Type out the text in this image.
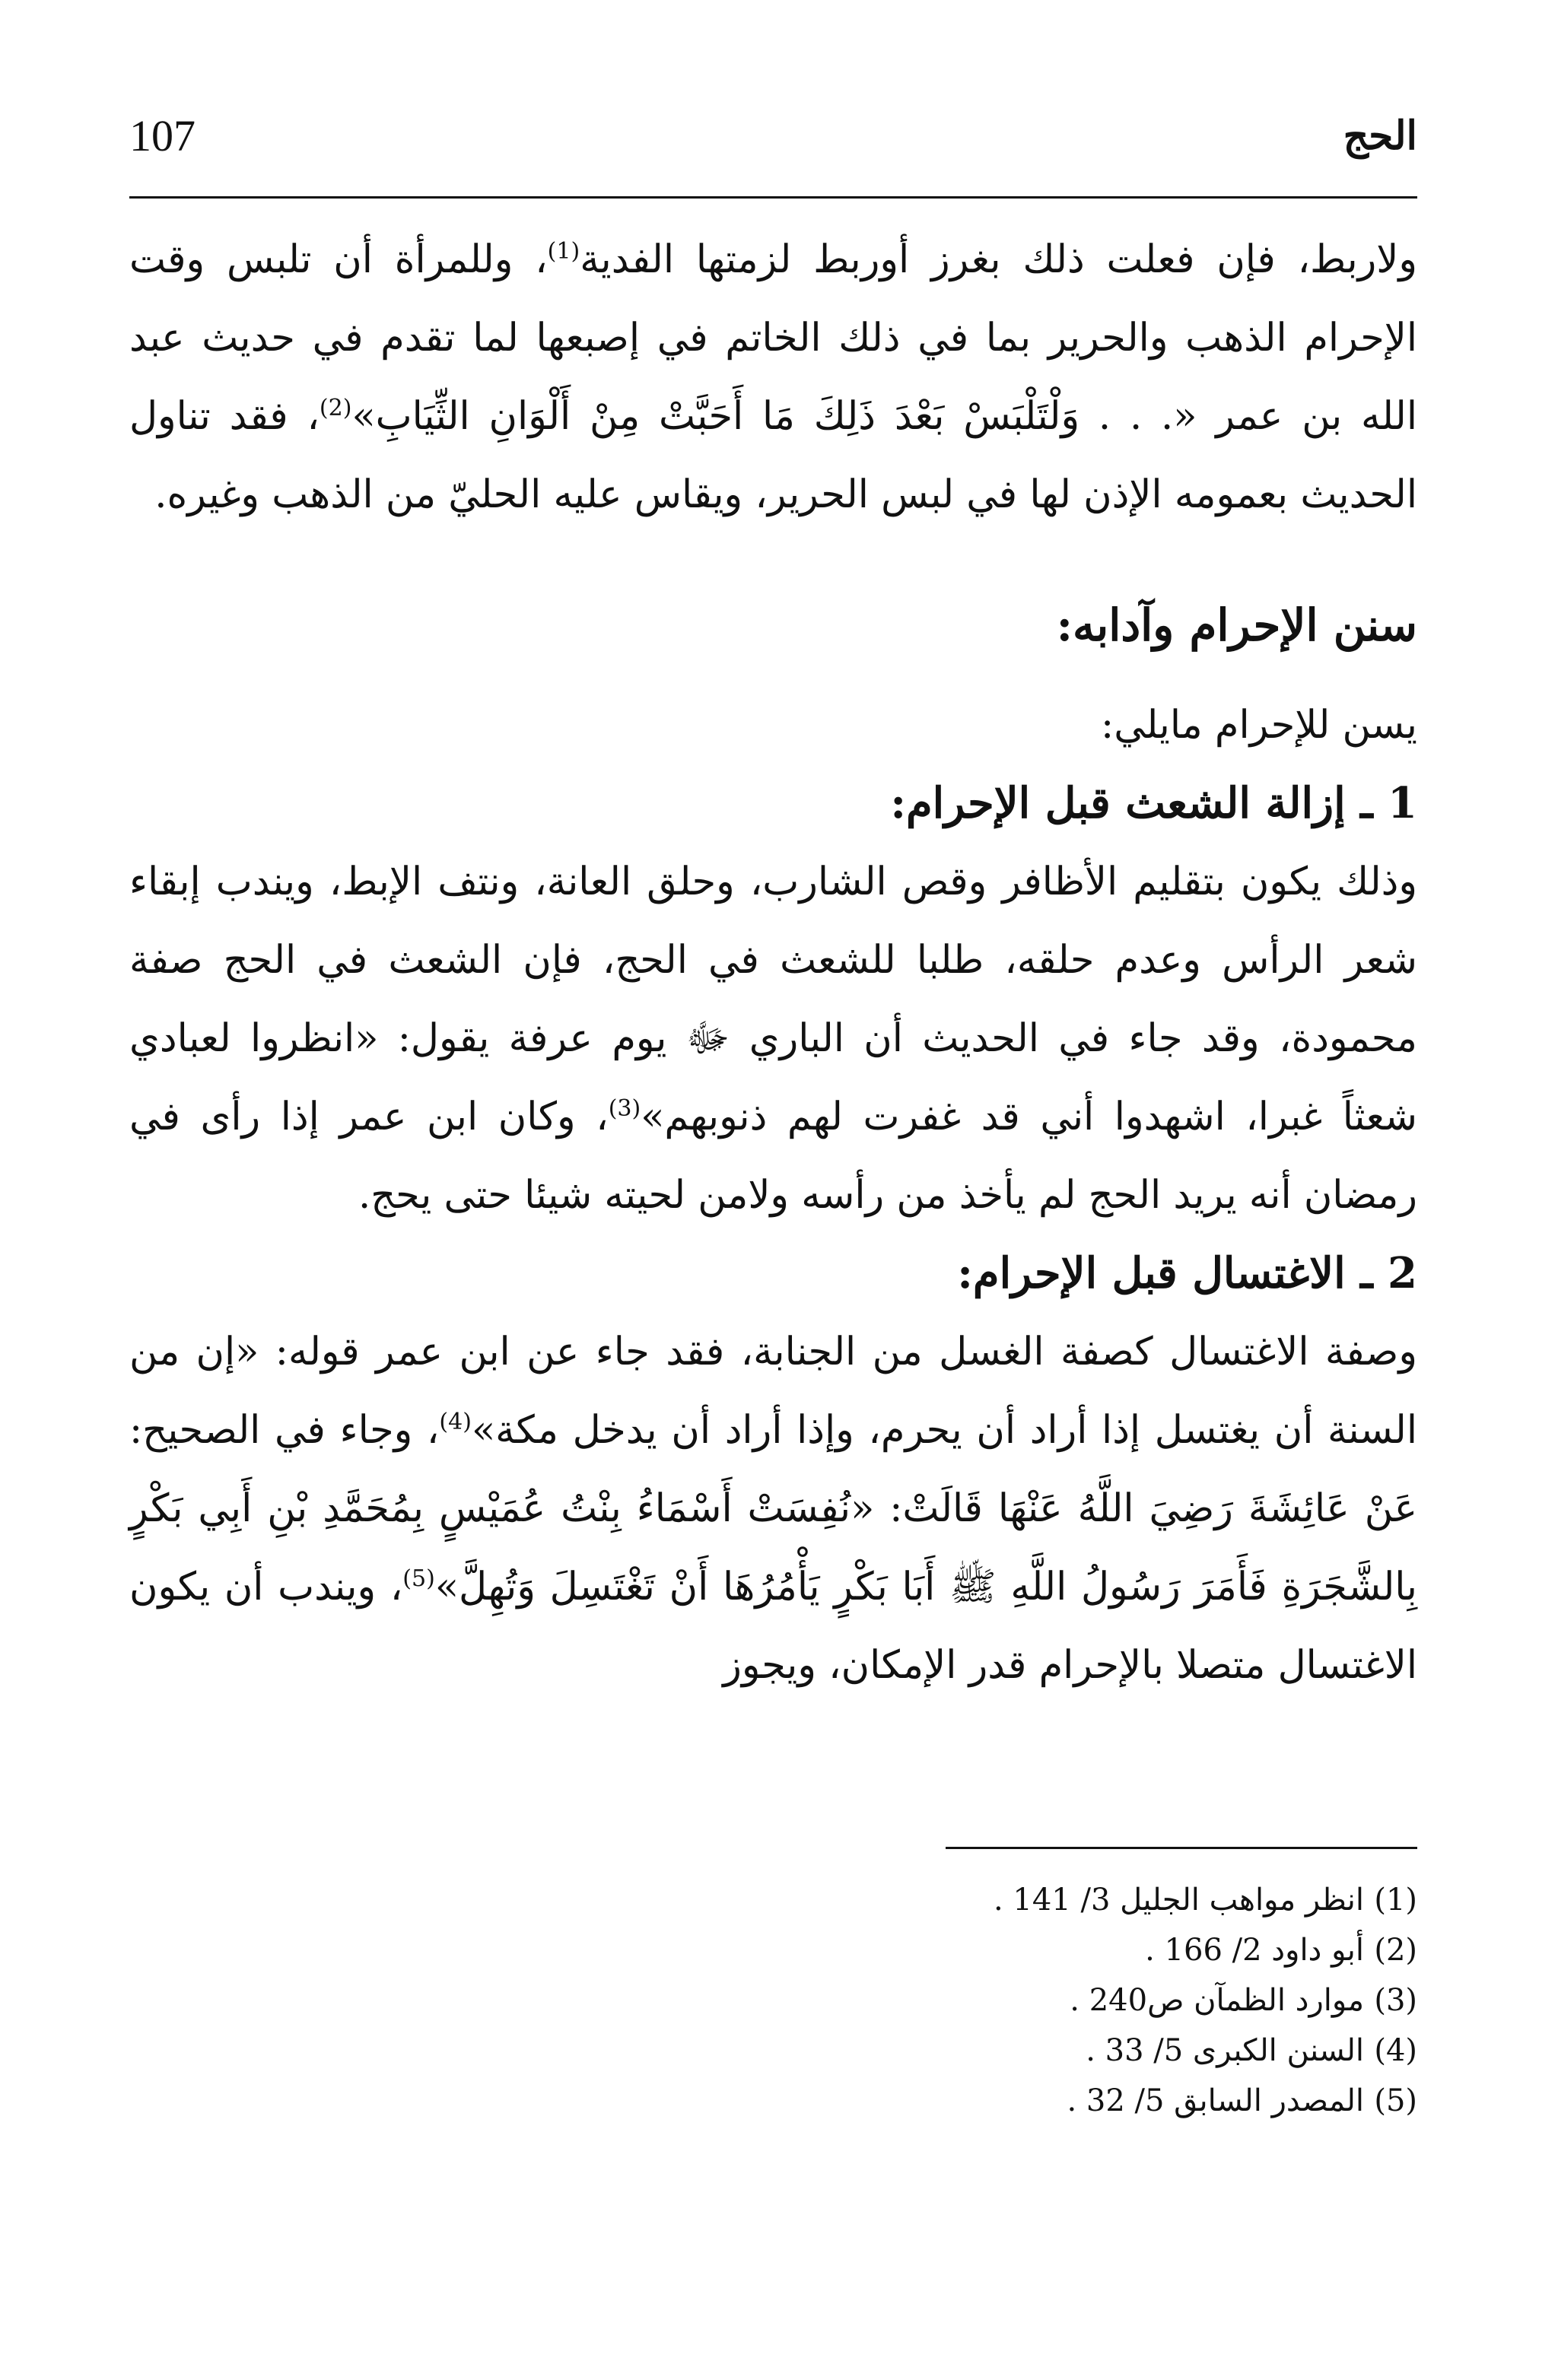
107	الحج

ولاربط، فإن فعلت ذلك بغرز أوربط لزمتها الفدية$^{(1)}$، وللمرأة أن تلبس وقت الإحرام الذهب والحرير بما في ذلك الخاتم في إصبعها لما تقدم في حديث عبد الله بن عمر «. . . وَلْتَلْبَسْ بَعْدَ ذَلِكَ مَا أَحَبَّتْ مِنْ أَلْوَانِ الثِّيَابِ»$^{(2)}$، فقد تناول الحديث بعمومه الإذن لها في لبس الحرير، ويقاس عليه الحليّ من الذهب وغيره.

سنن الإحرام وآدابه:

يسن للإحرام مايلي:

1 ـ إزالة الشعث قبل الإحرام:

وذلك يكون بتقليم الأظافر وقص الشارب، وحلق العانة، ونتف الإبط، ويندب إبقاء شعر الرأس وعدم حلقه، طلبا للشعث في الحج، فإن الشعث في الحج صفة محمودة، وقد جاء في الحديث أن الباري ﷻ يوم عرفة يقول: «انظروا لعبادي شعثاً غبرا، اشهدوا أني قد غفرت لهم ذنوبهم»$^{(3)}$، وكان ابن عمر إذا رأى في رمضان أنه يريد الحج لم يأخذ من رأسه ولامن لحيته شيئا حتى يحج.

2 ـ الاغتسال قبل الإحرام:

وصفة الاغتسال كصفة الغسل من الجنابة، فقد جاء عن ابن عمر قوله: «إن من السنة أن يغتسل إذا أراد أن يحرم، وإذا أراد أن يدخل مكة»$^{(4)}$، وجاء في الصحيح: عَنْ عَائِشَةَ رَضِيَ اللَّهُ عَنْهَا قَالَتْ: «نُفِسَتْ أَسْمَاءُ بِنْتُ عُمَيْسٍ بِمُحَمَّدِ بْنِ أَبِي بَكْرٍ بِالشَّجَرَةِ فَأَمَرَ رَسُولُ اللَّهِ ﷺ أَبَا بَكْرٍ يَأْمُرُهَا أَنْ تَغْتَسِلَ وَتُهِلَّ»$^{(5)}$، ويندب أن يكون الاغتسال متصلا بالإحرام قدر الإمكان، ويجوز

(1)انظر مواهب الجليل 3/ 141 .
(2)أبو داود 2/ 166 .
(3)موارد الظمآن ص240 .
(4)السنن الكبرى 5/ 33 .
(5)المصدر السابق 5/ 32 .
